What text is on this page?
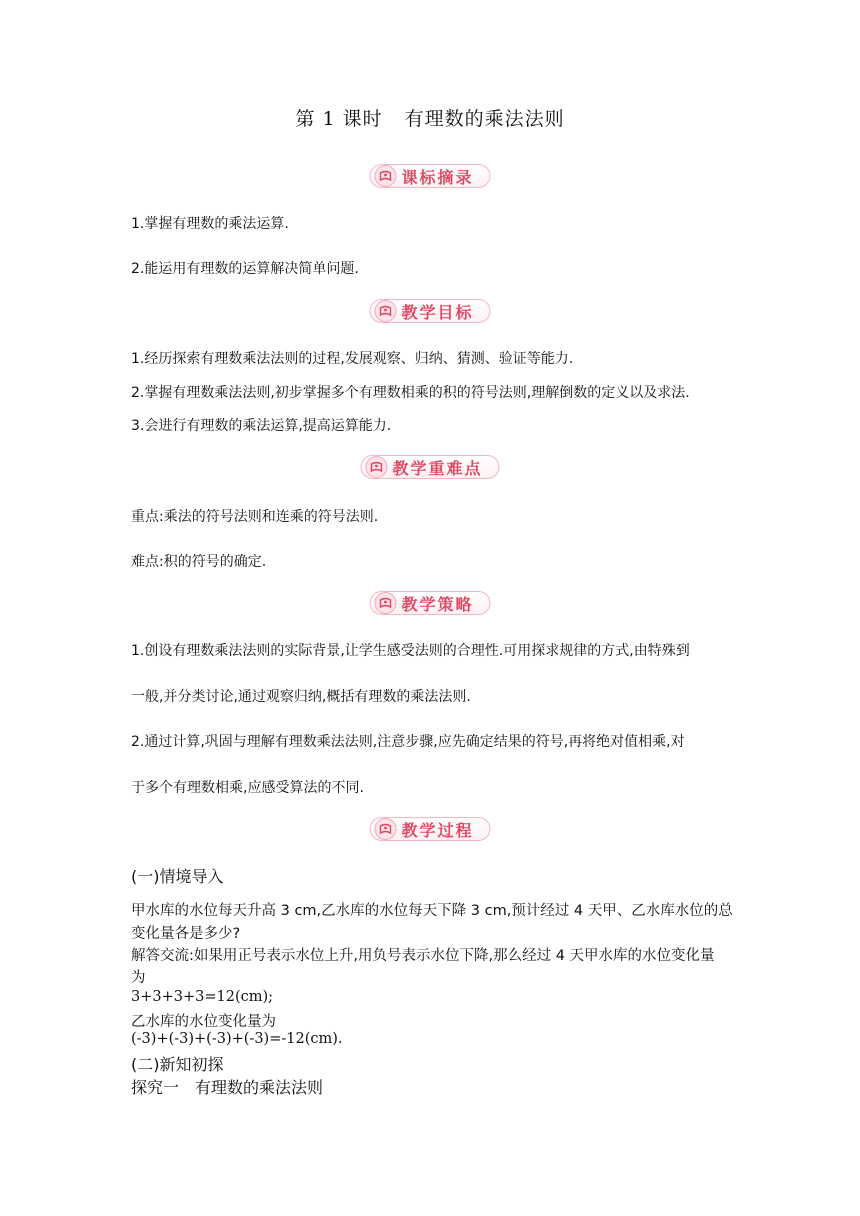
第 1 课时 有理数的乘法法则
课标摘录
1.掌握有理数的乘法运算.
2.能运用有理数的运算解决简单问题.
教学目标
1.经历探索有理数乘法法则的过程,发展观察、归纳、猜测、验证等能力.
2.掌握有理数乘法法则,初步掌握多个有理数相乘的积的符号法则,理解倒数的定义以及求法.
3.会进行有理数的乘法运算,提高运算能力.
教学重难点
重点:乘法的符号法则和连乘的符号法则.
难点:积的符号的确定.
教学策略
1.创设有理数乘法法则的实际背景,让学生感受法则的合理性.可用探求规律的方式,由特殊到
一般,并分类讨论,通过观察归纳,概括有理数的乘法法则.
2.通过计算,巩固与理解有理数乘法法则,注意步骤,应先确定结果的符号,再将绝对值相乘,对
于多个有理数相乘,应感受算法的不同.
教学过程
(一)情境导入
甲水库的水位每天升高 3 cm,乙水库的水位每天下降 3 cm,预计经过 4 天甲、乙水库水位的总
变化量各是多少?
解答交流:如果用正号表示水位上升,用负号表示水位下降,那么经过 4 天甲水库的水位变化量
为
3+3+3+3=12(cm);
乙水库的水位变化量为
(-3)+(-3)+(-3)+(-3)=-12(cm).
(二)新知初探
探究一　有理数的乘法法则
